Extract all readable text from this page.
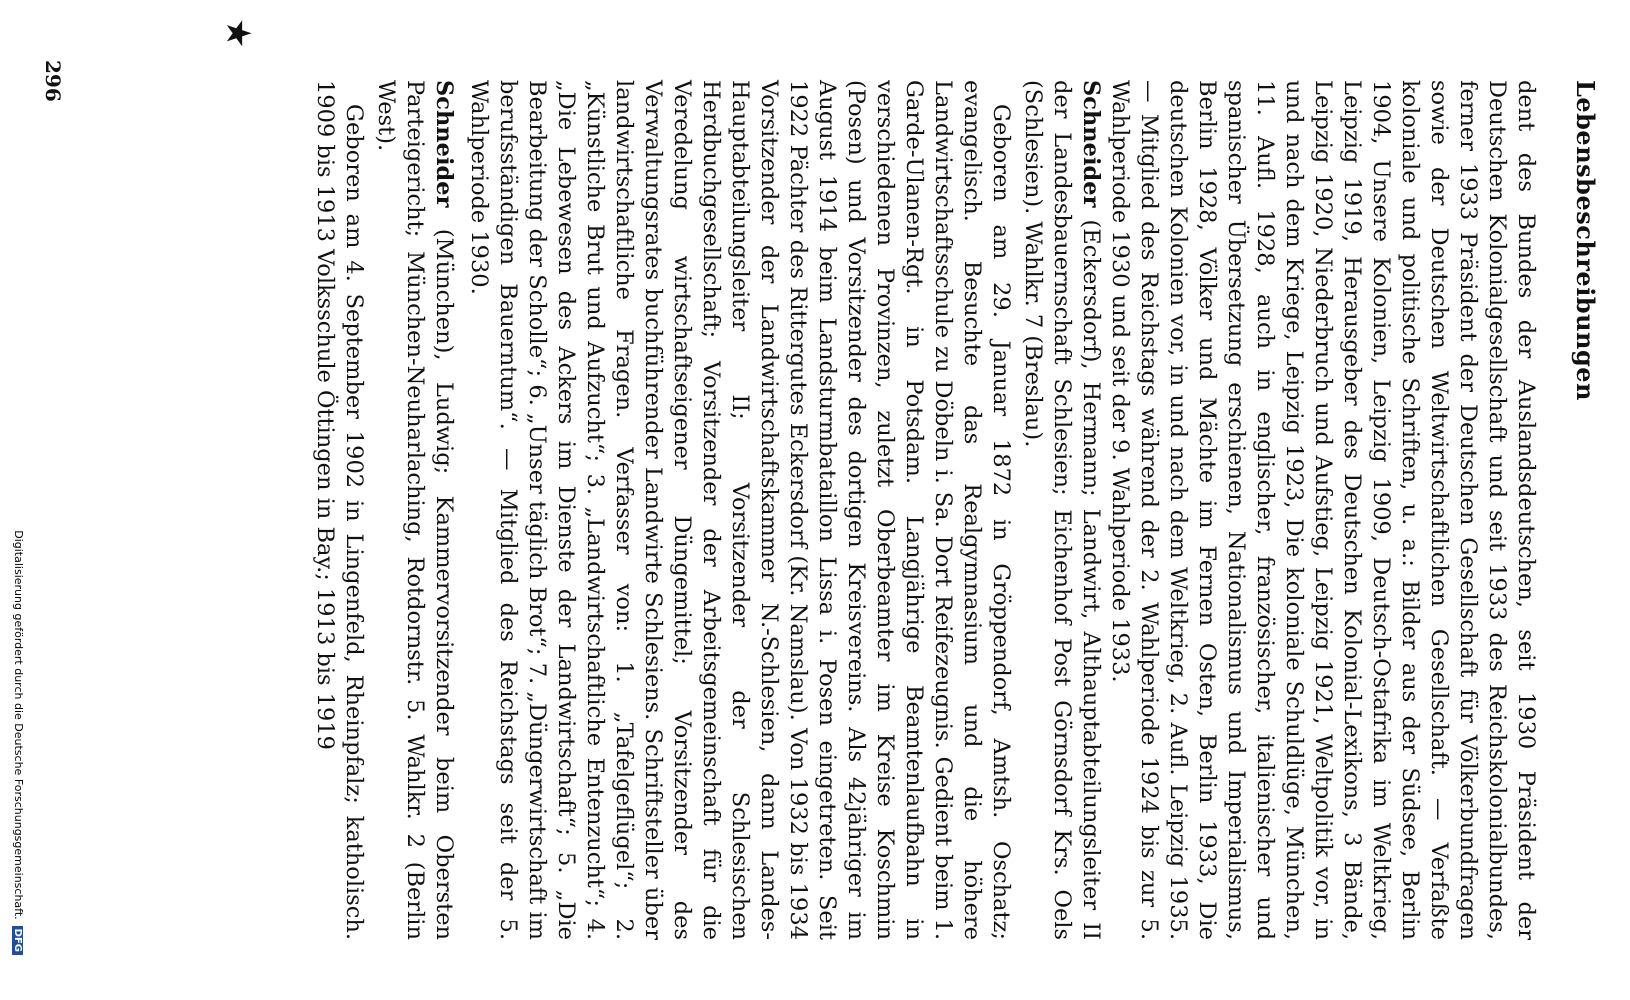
Lebensbeschreibungen

dent des Bundes der Auslandsdeutschen, seit 1930 Präsident der Deutschen Kolonialgesellschaft und seit 1933 des Reichskolonialbundes, ferner 1933 Präsident der Deutschen Gesellschaft für Völkerbundfragen sowie der Deutschen Weltwirtschaftlichen Gesellschaft. — Verfaßte koloniale und politische Schriften, u. a.: Bilder aus der Südsee, Berlin 1904, Unsere Kolonien, Leipzig 1909, Deutsch-Ostafrika im Weltkrieg, Leipzig 1919, Herausgeber des Deutschen Kolonial-Lexikons, 3 Bände, Leipzig 1920, Niederbruch und Aufstieg, Leipzig 1921, Weltpolitik vor, in und nach dem Kriege, Leipzig 1923, Die koloniale Schuldlüge, München, 11. Aufl. 1928, auch in englischer, französischer, italienischer und spanischer Übersetzung erschienen, Nationalismus und Imperialismus, Berlin 1928, Völker und Mächte im Fernen Osten, Berlin 1933, Die deutschen Kolonien vor, in und nach dem Weltkrieg, 2. Aufl. Leipzig 1935. — Mitglied des Reichstags während der 2. Wahlperiode 1924 bis zur 5. Wahlperiode 1930 und seit der 9. Wahlperiode 1933.

Schneider (Eckersdorf), Hermann; Landwirt, Althauptabteilungsleiter II der Landesbauernschaft Schlesien; Eichenhof Post Görnsdorf Krs. Oels (Schlesien). Wahlkr. 7 (Breslau).

Geboren am 29. Januar 1872 in Gröppendorf, Amtsh. Oschatz; evangelisch. Besuchte das Realgymnasium und die höhere Landwirtschaftsschule zu Döbeln i. Sa. Dort Reifezeugnis. Gedient beim 1. Garde-Ulanen-Rgt. in Potsdam. Langjährige Beamtenlaufbahn in verschiedenen Provinzen, zuletzt Oberbeamter im Kreise Koschmin (Posen) und Vorsitzender des dortigen Kreisvereins. Als 42jähriger im August 1914 beim Landsturmbataillon Lissa i. Posen eingetreten. Seit 1922 Pächter des Rittergutes Eckersdorf (Kr. Namslau). Von 1932 bis 1934 Vorsitzender der Landwirtschaftskammer N.-Schlesien, dann Landes-Hauptabteilungsleiter II; Vorsitzender der Schlesischen Herdbuchgesellschaft; Vorsitzender der Arbeitsgemeinschaft für die Veredelung wirtschaftseigener Düngemittel; Vorsitzender des Verwaltungsrates buchführender Landwirte Schlesiens. Schriftsteller über landwirtschaftliche Fragen. Verfasser von: 1. „Tafelgeflügel“; 2. „Künstliche Brut und Aufzucht“; 3. „Landwirtschaftliche Entenzucht“; 4. „Die Lebewesen des Ackers im Dienste der Landwirtschaft“; 5. „Die Bearbeitung der Scholle“; 6. „Unser täglich Brot“; 7. „Düngerwirtschaft im berufsständigen Bauerntum“. — Mitglied des Reichstags seit der 5. Wahlperiode 1930.

Schneider (München), Ludwig; Kammervorsitzender beim Obersten Parteigericht; München-Neuharlaching, Rotdornstr. 5. Wahlkr. 2 (Berlin West).

Geboren am 4. September 1902 in Lingenfeld, Rheinpfalz; katholisch. 1909 bis 1913 Volksschule Öttingen in Bay.; 1913 bis 1919

★
296
Digitalisierung gefördert durch die Deutsche Forschungsgemeinschaft.DFG
